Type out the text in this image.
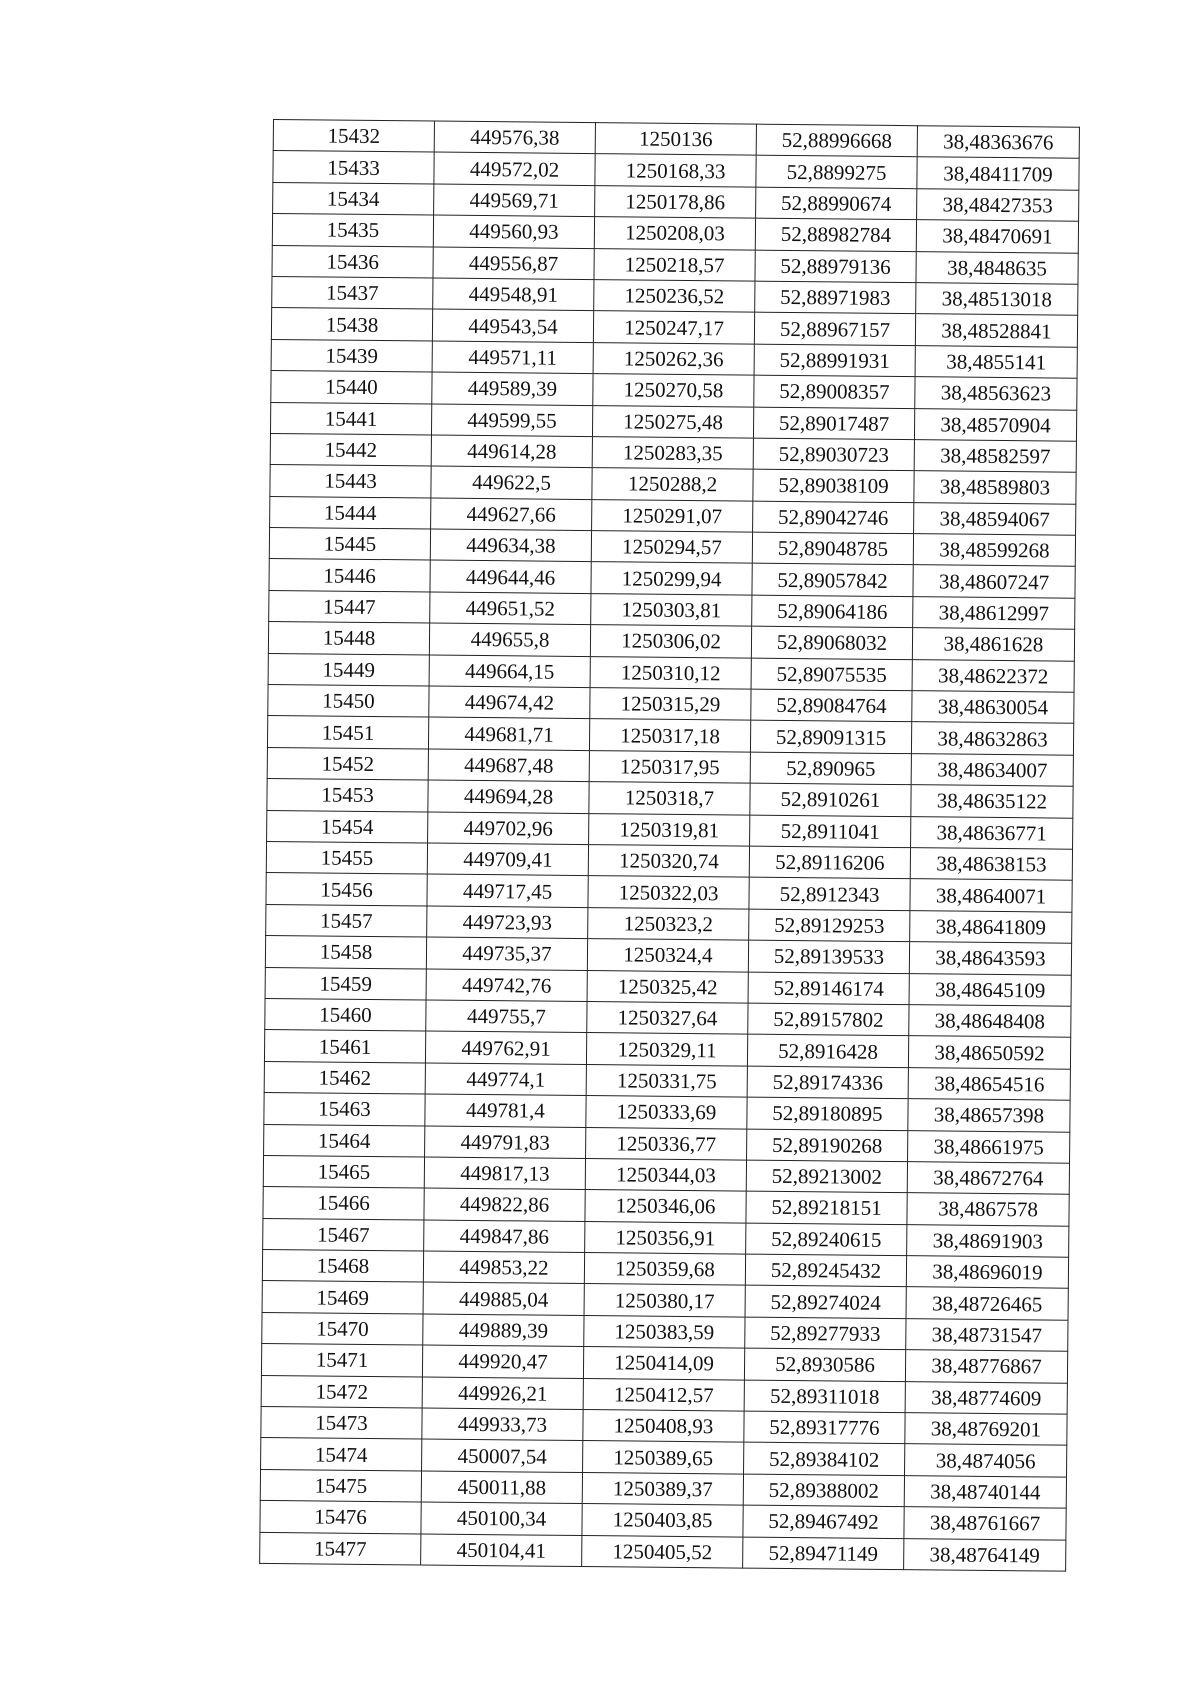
15432	449576,38	1250136	52,88996668	38,48363676
15433	449572,02	1250168,33	52,8899275	38,48411709
15434	449569,71	1250178,86	52,88990674	38,48427353
15435	449560,93	1250208,03	52,88982784	38,48470691
15436	449556,87	1250218,57	52,88979136	38,4848635
15437	449548,91	1250236,52	52,88971983	38,48513018
15438	449543,54	1250247,17	52,88967157	38,48528841
15439	449571,11	1250262,36	52,88991931	38,4855141
15440	449589,39	1250270,58	52,89008357	38,48563623
15441	449599,55	1250275,48	52,89017487	38,48570904
15442	449614,28	1250283,35	52,89030723	38,48582597
15443	449622,5	1250288,2	52,89038109	38,48589803
15444	449627,66	1250291,07	52,89042746	38,48594067
15445	449634,38	1250294,57	52,89048785	38,48599268
15446	449644,46	1250299,94	52,89057842	38,48607247
15447	449651,52	1250303,81	52,89064186	38,48612997
15448	449655,8	1250306,02	52,89068032	38,4861628
15449	449664,15	1250310,12	52,89075535	38,48622372
15450	449674,42	1250315,29	52,89084764	38,48630054
15451	449681,71	1250317,18	52,89091315	38,48632863
15452	449687,48	1250317,95	52,890965	38,48634007
15453	449694,28	1250318,7	52,8910261	38,48635122
15454	449702,96	1250319,81	52,8911041	38,48636771
15455	449709,41	1250320,74	52,89116206	38,48638153
15456	449717,45	1250322,03	52,8912343	38,48640071
15457	449723,93	1250323,2	52,89129253	38,48641809
15458	449735,37	1250324,4	52,89139533	38,48643593
15459	449742,76	1250325,42	52,89146174	38,48645109
15460	449755,7	1250327,64	52,89157802	38,48648408
15461	449762,91	1250329,11	52,8916428	38,48650592
15462	449774,1	1250331,75	52,89174336	38,48654516
15463	449781,4	1250333,69	52,89180895	38,48657398
15464	449791,83	1250336,77	52,89190268	38,48661975
15465	449817,13	1250344,03	52,89213002	38,48672764
15466	449822,86	1250346,06	52,89218151	38,4867578
15467	449847,86	1250356,91	52,89240615	38,48691903
15468	449853,22	1250359,68	52,89245432	38,48696019
15469	449885,04	1250380,17	52,89274024	38,48726465
15470	449889,39	1250383,59	52,89277933	38,48731547
15471	449920,47	1250414,09	52,8930586	38,48776867
15472	449926,21	1250412,57	52,89311018	38,48774609
15473	449933,73	1250408,93	52,89317776	38,48769201
15474	450007,54	1250389,65	52,89384102	38,4874056
15475	450011,88	1250389,37	52,89388002	38,48740144
15476	450100,34	1250403,85	52,89467492	38,48761667
15477	450104,41	1250405,52	52,89471149	38,48764149
